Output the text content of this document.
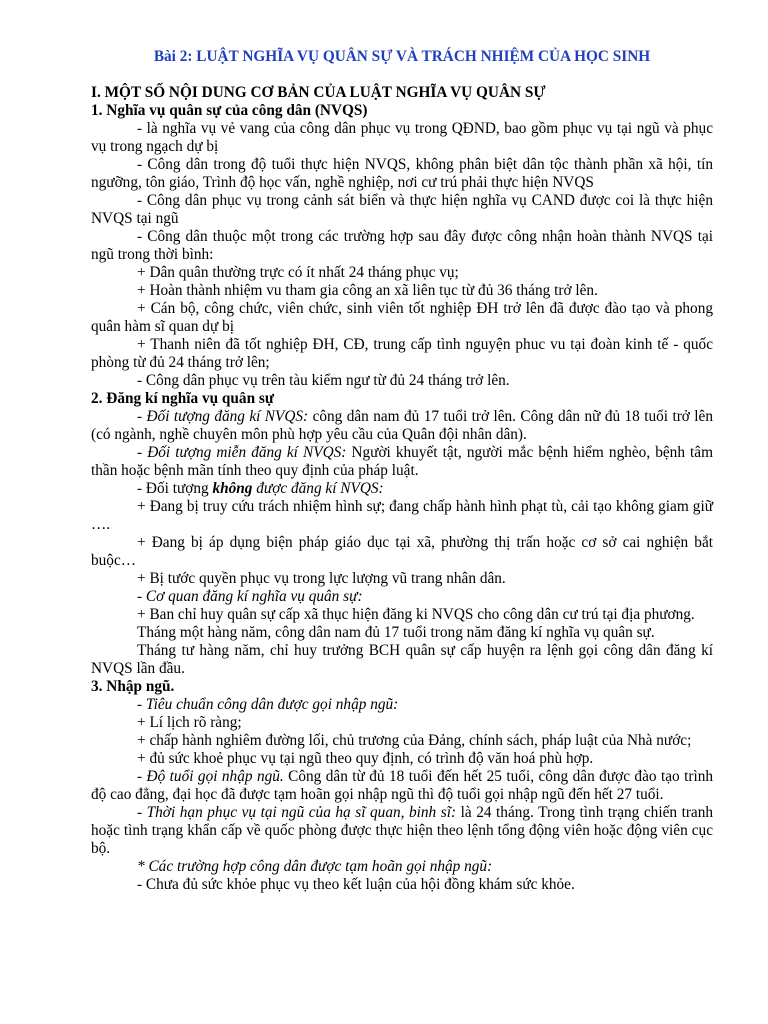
Bài 2: LUẬT NGHĨA VỤ QUÂN SỰ VÀ TRÁCH NHIỆM CỦA HỌC SINH

I. MỘT SỐ NỘI DUNG CƠ BẢN CỦA LUẬT NGHĨA VỤ QUÂN SỰ

1. Nghĩa vụ quân sự của công dân (NVQS)

- là nghĩa vụ vẻ vang của công dân phục vụ trong QĐND, bao gồm phục vụ tại ngũ và phục vụ trong ngạch dự bị

- Công dân trong độ tuổi thực hiện NVQS, không phân biệt dân tộc thành phần xã hội, tín ngưỡng, tôn giáo, Trình độ học vấn, nghề nghiệp, nơi cư trú phải thực hiện NVQS

- Công dân phục vụ trong cảnh sát biển và thực hiện nghĩa vụ CAND được coi là thực hiện NVQS tại ngũ

- Công dân thuộc một trong các trường hợp sau đây được công nhận hoàn thành NVQS tại ngũ trong thời bình:

+ Dân quân thường trực có ít nhất 24 tháng phục vụ;

+ Hoàn thành nhiệm vu tham gia công an xã liên tục từ đủ 36 tháng trở lên.

+ Cán bộ, công chức, viên chức, sinh viên tốt nghiệp ĐH trở lên đã được đào tạo và phong quân hàm sĩ quan dự bị

+ Thanh niên đã tốt nghiệp ĐH, CĐ, trung cấp tình nguyện phuc vu tại đoàn kinh tế - quốc phòng từ đủ 24 tháng trở lên;

- Công dân phục vụ trên tàu kiểm ngư từ đủ 24 tháng trở lên.

2. Đăng kí nghĩa vụ quân sự

- Đối tượng đăng kí NVQS: công dân nam đủ 17 tuổi trở lên. Công dân nữ đủ 18 tuổi trở lên (có ngành, nghề chuyên môn phù hợp yêu cầu của Quân đội nhân dân).

- Đối tượng miễn đăng kí NVQS: Người khuyết tật, người mắc bệnh hiểm nghèo, bệnh tâm thần hoặc bệnh mãn tính theo quy định của pháp luật.

- Đối tượng không được đăng kí NVQS:

+ Đang bị truy cứu trách nhiệm hình sự; đang chấp hành hình phạt tù, cải tạo không giam giữ ….

+ Đang bị áp dụng biện pháp giáo dục tại xã, phường thị trấn hoặc cơ sở cai nghiện bắt buộc…

+ Bị tước quyền phục vụ trong lực lượng vũ trang nhân dân.

- Cơ quan đăng kí nghĩa vụ quân sự:

+ Ban chỉ huy quân sự cấp xã thục hiện đăng ki NVQS cho công dân cư trú tại địa phương.

Tháng một hàng năm, công dân nam đủ 17 tuổi trong năm đăng kí nghĩa vụ quân sự.

Tháng tư hàng năm, chỉ huy trưởng BCH quân sự cấp huyện ra lệnh gọi công dân đăng kí NVQS lần đầu.

3. Nhập ngũ.

- Tiêu chuẩn công dân được gọi nhập ngũ:

+ Lí lịch rõ ràng;

+ chấp hành nghiêm đường lối, chủ trương của Đảng, chính sách, pháp luật của Nhà nước;

+ đủ sức khoẻ phục vụ tại ngũ theo quy định, có trình độ văn hoá phù hợp.

- Độ tuổi gọi nhập ngũ. Công dân từ đủ 18 tuổi đến hết 25 tuổi, công dân được đào tạo trình độ cao đẳng, đại học đã được tạm hoãn gọi nhập ngũ thì độ tuổi gọi nhập ngũ đến hết 27 tuổi.

- Thời hạn phục vụ tại ngũ của hạ sĩ quan, binh sĩ: là 24 tháng. Trong tình trạng chiến tranh hoặc tình trạng khẩn cấp về quốc phòng được thực hiện theo lệnh tổng động viên hoặc động viên cục bộ.

* Các trường hợp công dân được tạm hoãn gọi nhập ngũ:

- Chưa đủ sức khỏe phục vụ theo kết luận của hội đồng khám sức khỏe.
